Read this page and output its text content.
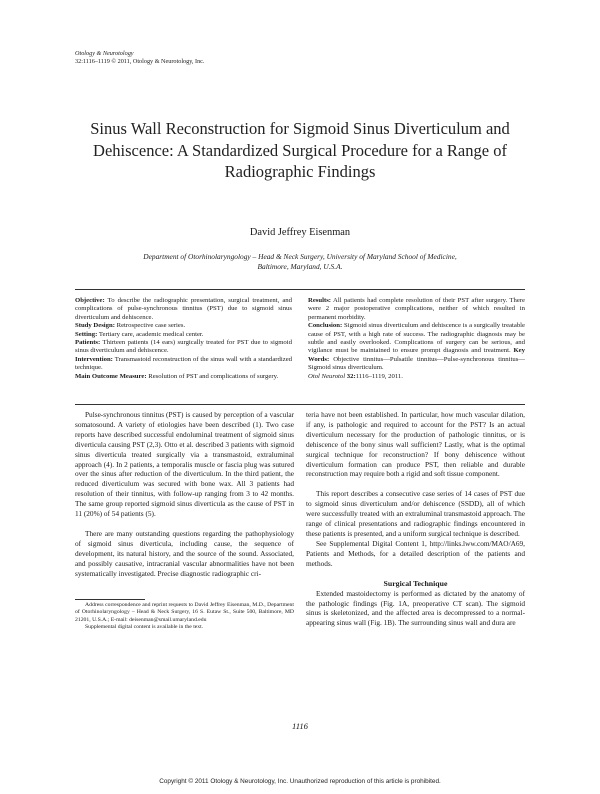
Otology & Neurotology
32:1116–1119 © 2011, Otology & Neurotology, Inc.
Sinus Wall Reconstruction for Sigmoid Sinus Diverticulum and Dehiscence: A Standardized Surgical Procedure for a Range of Radiographic Findings
David Jeffrey Eisenman
Department of Otorhinolaryngology – Head & Neck Surgery, University of Maryland School of Medicine,
Baltimore, Maryland, U.S.A.

Objective: To describe the radiographic presentation, surgical treatment, and complications of pulse-synchronous tinnitus (PST) due to sigmoid sinus diverticulum and dehiscence.

Study Design: Retrospective case series.

Setting: Tertiary care, academic medical center.

Patients: Thirteen patients (14 ears) surgically treated for PST due to sigmoid sinus diverticulum and dehiscence.

Intervention: Transmastoid reconstruction of the sinus wall with a standardized technique.

Main Outcome Measure: Resolution of PST and complications of surgery.

Results: All patients had complete resolution of their PST after surgery. There were 2 major postoperative complications, neither of which resulted in permanent morbidity.

Conclusion: Sigmoid sinus diverticulum and dehiscence is a surgically treatable cause of PST, with a high rate of success. The radiographic diagnosis may be subtle and easily overlooked. Complications of surgery can be serious, and vigilance must be maintained to ensure prompt diagnosis and treatment. Key Words: Objective tinnitus—Pulsatile tinnitus—Pulse-synchronous tinnitus—Sigmoid sinus diverticulum.

Otol Neurotol 32:1116–1119, 2011.

Pulse-synchronous tinnitus (PST) is caused by perception of a vascular somatosound. A variety of etiologies have been described (1). Two case reports have described successful endoluminal treatment of sigmoid sinus diverticula causing PST (2,3). Otto et al. described 3 patients with sigmoid sinus diverticula treated surgically via a transmastoid, extraluminal approach (4). In 2 patients, a temporalis muscle or fascia plug was sutured over the sinus after reduction of the diverticulum. In the third patient, the reduced diverticulum was secured with bone wax. All 3 patients had resolution of their tinnitus, with follow-up ranging from 3 to 42 months. The same group reported sigmoid sinus diverticula as the cause of PST in 11 (20%) of 54 patients (5).

There are many outstanding questions regarding the pathophysiology of sigmoid sinus diverticula, including cause, the sequence of development, its natural history, and the source of the sound. Associated, and possibly causative, intracranial vascular abnormalities have not been systematically investigated. Precise diagnostic radiographic cri-

Address correspondence and reprint requests to David Jeffrey Eisenman, M.D., Department of Otorhinolaryngology – Head & Neck Surgery, 16 S. Eutaw St., Suite 500, Baltimore, MD 21201, U.S.A.; E-mail: deisenman@smail.umaryland.edu

Supplemental digital content is available in the text.

teria have not been established. In particular, how much vascular dilation, if any, is pathologic and required to account for the PST? Is an actual diverticulum necessary for the production of pathologic tinnitus, or is dehiscence of the bony sinus wall sufficient? Lastly, what is the optimal surgical technique for reconstruction? If bony dehiscence without diverticulum formation can produce PST, then reliable and durable reconstruction may require both a rigid and soft tissue component.

This report describes a consecutive case series of 14 cases of PST due to sigmoid sinus diverticulum and/or dehiscence (SSDD), all of which were successfully treated with an extraluminal transmastoid approach. The range of clinical presentations and radiographic findings encountered in these patients is presented, and a uniform surgical technique is described.

See Supplemental Digital Content 1, http://links.lww.com/MAO/A69, Patients and Methods, for a detailed description of the patients and methods.

Surgical Technique

Extended mastoidectomy is performed as dictated by the anatomy of the pathologic findings (Fig. 1A, preoperative CT scan). The sigmoid sinus is skeletonized, and the affected area is decompressed to a normal-appearing sinus wall (Fig. 1B). The surrounding sinus wall and dura are

1116
Copyright © 2011 Otology & Neurotology, Inc. Unauthorized reproduction of this article is prohibited.
